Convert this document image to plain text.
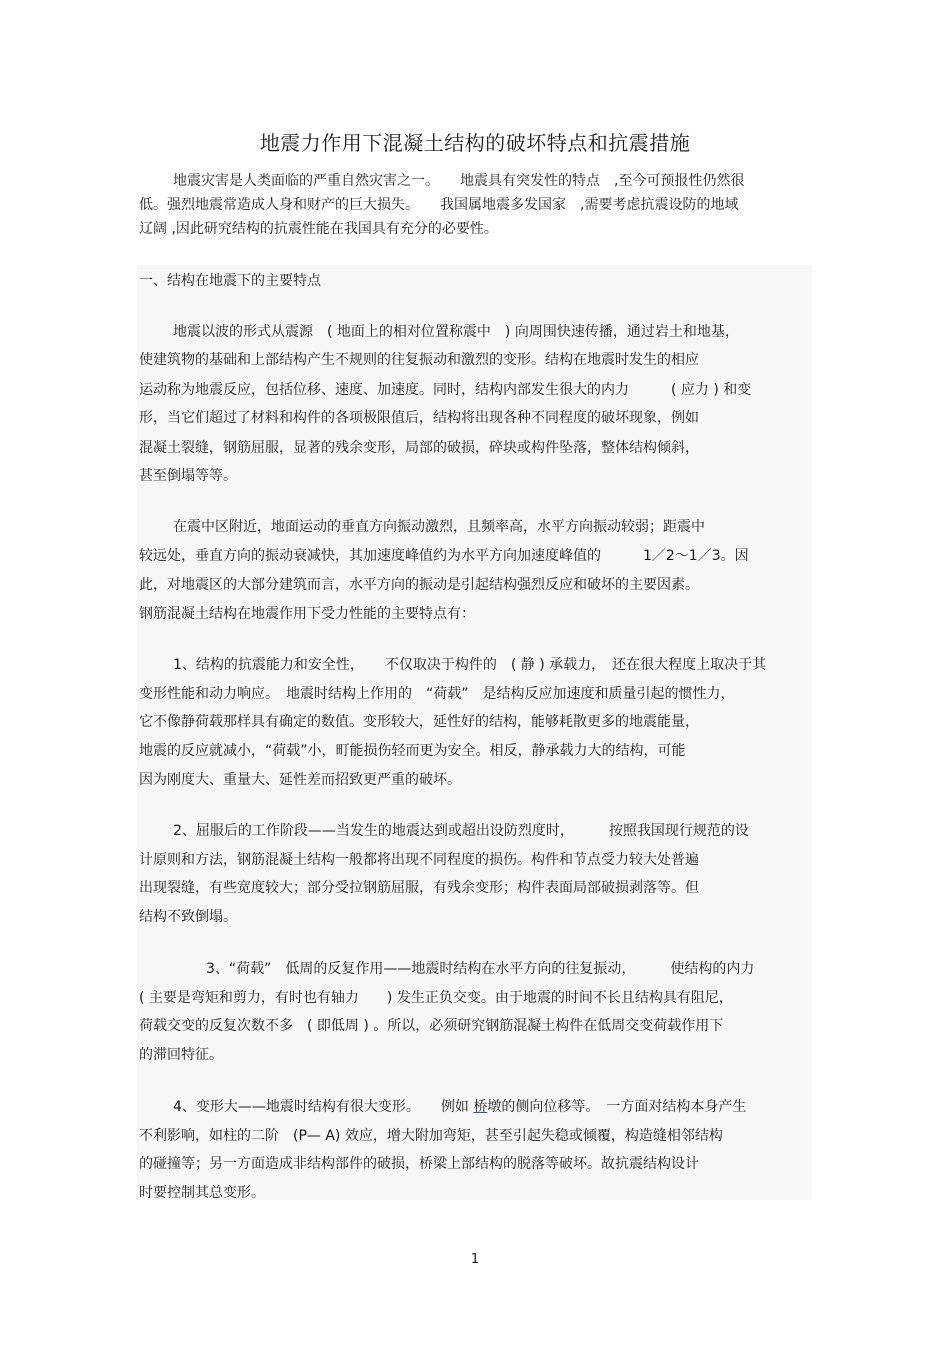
地震力作用下混凝土结构的破坏特点和抗震措施
地震灾害是人类面临的严重自然灾害之一。　　地震具有突发性的特点　,至今可预报性仍然很
低。强烈地震常造成人身和财产的巨大损失。　　我国属地震多发国家　,需要考虑抗震设防的地域
辽阔 ,因此研究结构的抗震性能在我国具有充分的必要性。
一、结构在地震下的主要特点
地震以波的形式从震源　( 地面上的相对位置称震中　) 向周围快速传播，通过岩土和地基，
使建筑物的基础和上部结构产生不规则的往复振动和激烈的变形。结构在地震时发生的相应
运动称为地震反应，包括位移、速度、加速度。同时，结构内部发生很大的内力　　　( 应力 ) 和变
形，当它们超过了材料和构件的各项极限值后，结构将出现各种不同程度的破坏现象，例如
混凝土裂缝，钢筋屈服，显著的残余变形，局部的破损，碎块或构件坠落，整体结构倾斜，
甚至倒塌等等。
在震中区附近，地面运动的垂直方向振动激烈，且频率高，水平方向振动较弱；距震中
较远处，垂直方向的振动衰减快，其加速度峰值约为水平方向加速度峰值的　　　1／2～1／3。因
此，对地震区的大部分建筑而言，水平方向的振动是引起结构强烈反应和破坏的主要因素。
钢筋混凝土结构在地震作用下受力性能的主要特点有：
1、结构的抗震能力和安全性，　　不仅取决于构件的　( 静 ) 承载力，　还在很大程度上取决于其
变形性能和动力响应。　地震时结构上作用的　“荷载”　是结构反应加速度和质量引起的惯性力，
它不像静荷载那样具有确定的数值。变形较大，延性好的结构，能够耗散更多的地震能量，
地震的反应就减小，“荷载”小，町能损伤轻而更为安全。相反，静承载力大的结构，可能
因为刚度大、重量大、延性差而招致更严重的破坏。
2、屈服后的工作阶段——当发生的地震达到或超出设防烈度时，　　　按照我国现行规范的设
计原则和方法，钢筋混凝土结构一般都将出现不同程度的损伤。构件和节点受力较大处普遍
出现裂缝，有些宽度较大；部分受拉钢筋屈服，有残余变形；构件表面局部破损剥落等。但
结构不致倒塌。
3、“荷载”　低周的反复作用——地震时结构在水平方向的往复振动，　　　使结构的内力
( 主要是弯矩和剪力，有时也有轴力　　) 发生正负交变。由于地震的时间不长且结构具有阻尼，
荷载交变的反复次数不多　( 即低周 ) 。所以，必须研究钢筋混凝土构件在低周交变荷载作用下
的滞回特征。
4、变形大——地震时结构有很大变形。　　例如 桥墩的侧向位移等。　一方面对结构本身产生
不利影响，如柱的二阶　(P— A) 效应，增大附加弯矩，甚至引起失稳或倾覆，构造缝相邻结构
的碰撞等；另一方面造成非结构部件的破损，桥梁上部结构的脱落等破坏。故抗震结构设计
时要控制其总变形。
1
